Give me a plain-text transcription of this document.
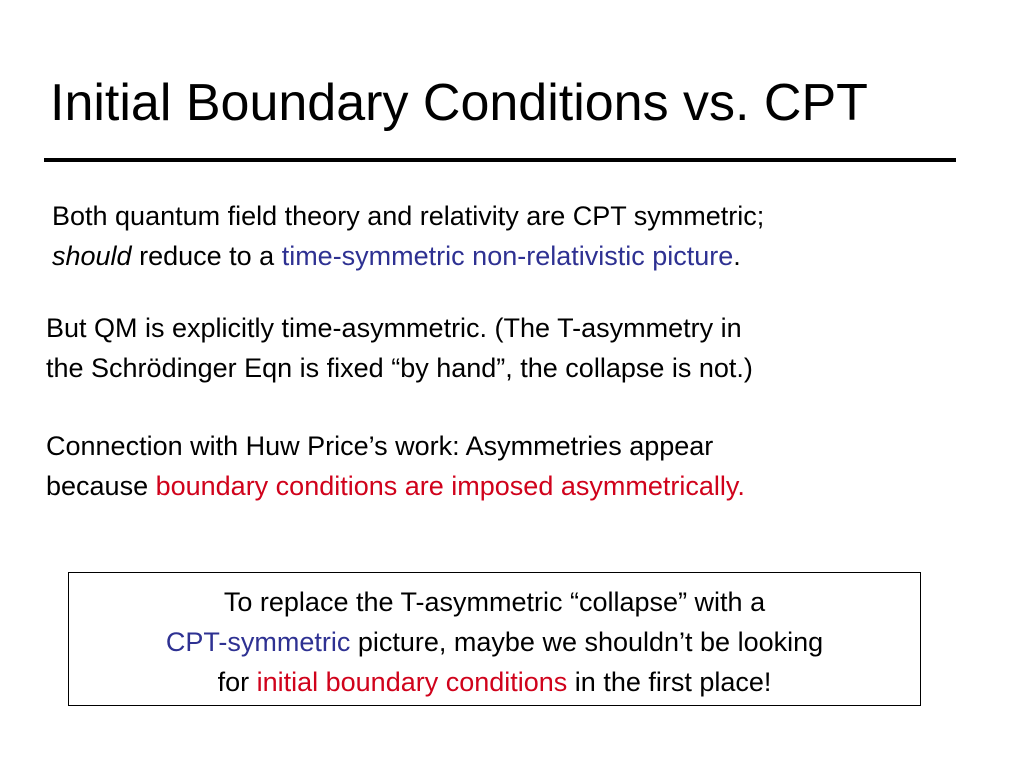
Initial Boundary Conditions vs. CPT
Both quantum field theory and relativity are CPT symmetric;
should reduce to a time-symmetric non-relativistic picture.
But QM is explicitly time-asymmetric. (The T-asymmetry in
the Schrödinger Eqn is fixed “by hand”, the collapse is not.)
Connection with Huw Price’s work: Asymmetries appear
because boundary conditions are imposed asymmetrically.
To replace the T-asymmetric “collapse” with a
CPT-symmetric picture, maybe we shouldn’t be looking
for initial boundary conditions in the first place!
